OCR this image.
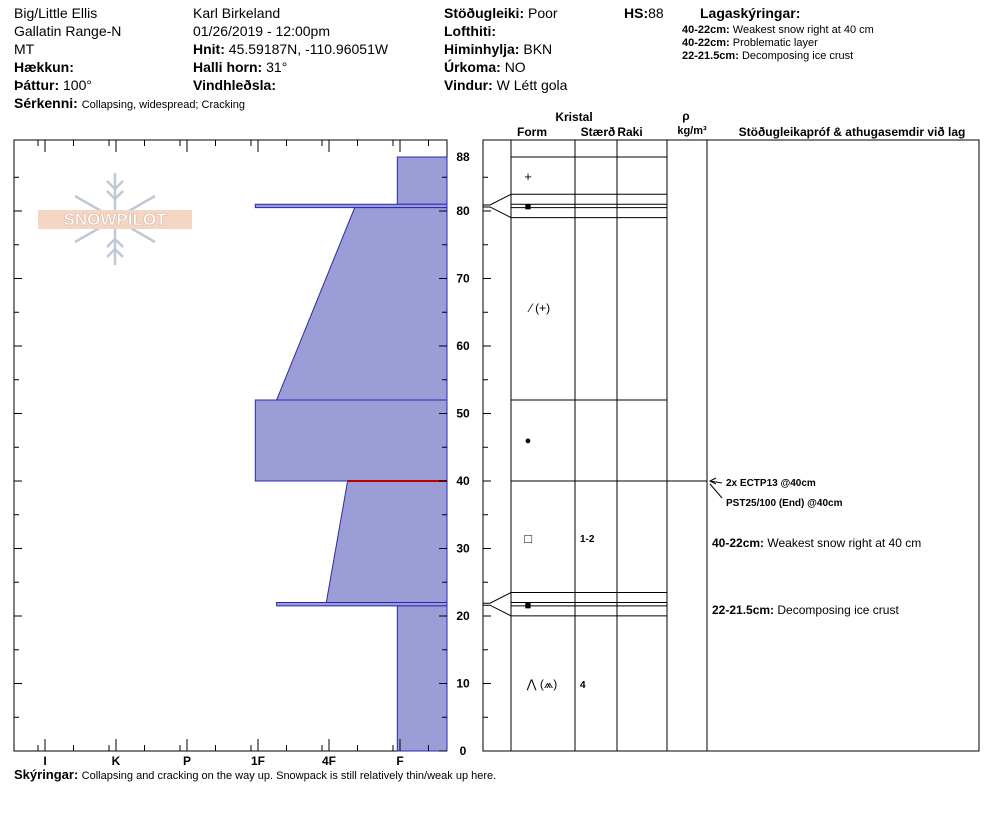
Big/Little Ellis
Gallatin Range-N
MT
Hækkun:
Þáttur: 100°
Sérkenni: Collapsing, widespread; Cracking
Karl Birkeland
01/26/2019 - 12:00pm
Hnit: 45.59187N, -110.96051W
Halli horn: 31°
Vindhleðsla:
Stöðugleiki: Poor
Lofthiti:
Himinhylja: BKN
Úrkoma: NO
Vindur: W Létt gola
HS:88	Lagaskýringar:
40-22cm: Weakest snow right at 40 cm
40-22cm: Problematic layer
22-21.5cm: Decomposing ice crust
SNOWPILOT
I	K	P	1F	4F	F
0
10
20
30
40
50
60
70
80
88
Kristal
Form	Stærð Raki
ρ
kg/m³	Stöðugleikapróf & athugasemdir við lag
+
■
⁄ (+)
●
□	1-2
■
⋀ (⩕) 4
2x ECTP13 @40cm
PST25/100 (End) @40cm
40-22cm: Weakest snow right at 40 cm
22-21.5cm: Decomposing ice crust
Skýringar: Collapsing and cracking on the way up. Snowpack is still relatively thin/weak up here.
